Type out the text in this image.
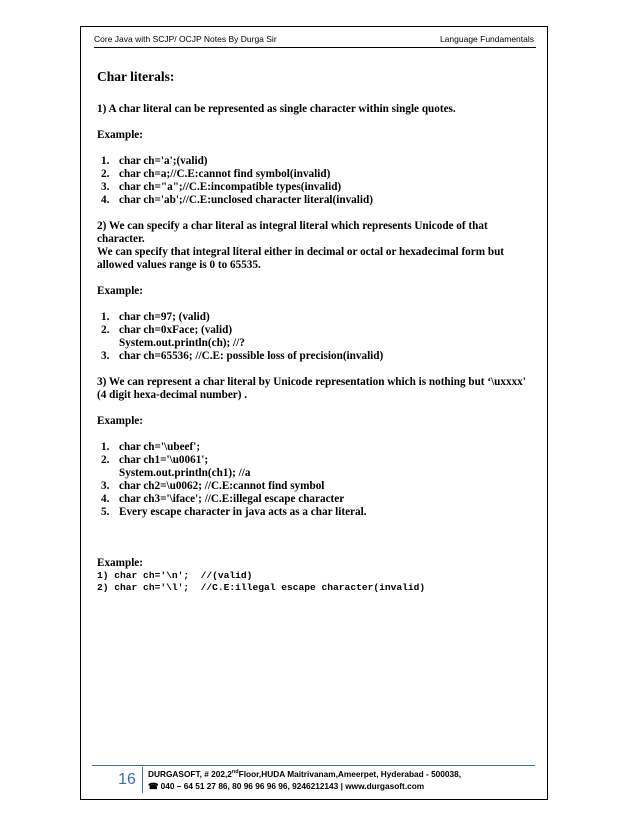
Core Java with SCJP/ OCJP Notes By Durga Sir	Language Fundamentals

Char literals:

1) A char literal can be represented as single character within single quotes.

Example:

1. char ch='a';(valid)
2. char ch=a;//C.E:cannot find symbol(invalid)
3. char ch="a";//C.E:incompatible types(invalid)
4. char ch='ab';//C.E:unclosed character literal(invalid)

2) We can specify a char literal as integral literal which represents Unicode of that character.

We can specify that integral literal either in decimal or octal or hexadecimal form but allowed values range is 0 to 65535.

Example:

1. char ch=97; (valid)
2. char ch=0xFace; (valid)

System.out.println(ch); //?

3. char ch=65536; //C.E: possible loss of precision(invalid)

3) We can represent a char literal by Unicode representation which is nothing but ‘\uxxxx' (4 digit hexa-decimal number) .

Example:

1. char ch='\ubeef';
2. char ch1='\u0061';

System.out.println(ch1); //a

3. char ch2=\u0062; //C.E:cannot find symbol
4. char ch3='\iface'; //C.E:illegal escape character
5. Every escape character in java acts as a char literal.

Example:

1) char ch='\n';  //(valid)

2) char ch='\l';  //C.E:illegal escape character(invalid)

16	DURGASOFT, # 202,2ndFloor,HUDA Maitrivanam,Ameerpet, Hyderabad - 500038,
☎ 040 – 64 51 27 86, 80 96 96 96 96, 9246212143 | www.durgasoft.com
